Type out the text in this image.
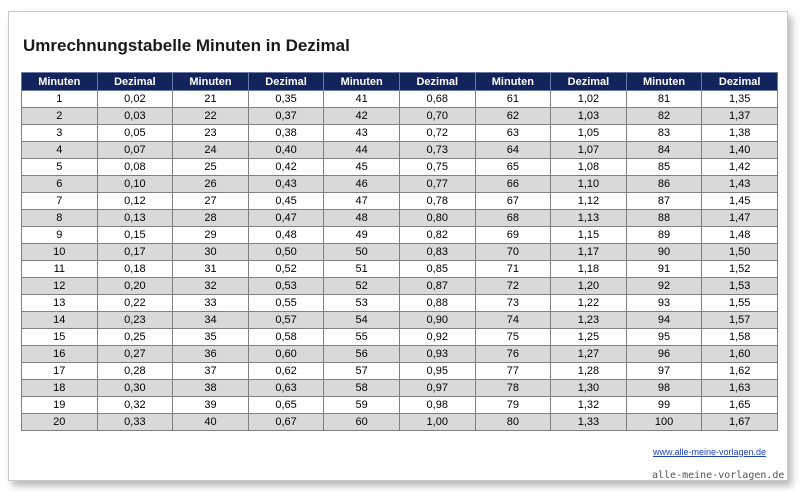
Umrechnungstabelle Minuten in Dezimal
Minuten	Dezimal	Minuten	Dezimal	Minuten	Dezimal	Minuten	Dezimal	Minuten	Dezimal
1	0,02	21	0,35	41	0,68	61	1,02	81	1,35
2	0,03	22	0,37	42	0,70	62	1,03	82	1,37
3	0,05	23	0,38	43	0,72	63	1,05	83	1,38
4	0,07	24	0,40	44	0,73	64	1,07	84	1,40
5	0,08	25	0,42	45	0,75	65	1,08	85	1,42
6	0,10	26	0,43	46	0,77	66	1,10	86	1,43
7	0,12	27	0,45	47	0,78	67	1,12	87	1,45
8	0,13	28	0,47	48	0,80	68	1,13	88	1,47
9	0,15	29	0,48	49	0,82	69	1,15	89	1,48
10	0,17	30	0,50	50	0,83	70	1,17	90	1,50
11	0,18	31	0,52	51	0,85	71	1,18	91	1,52
12	0,20	32	0,53	52	0,87	72	1,20	92	1,53
13	0,22	33	0,55	53	0,88	73	1,22	93	1,55
14	0,23	34	0,57	54	0,90	74	1,23	94	1,57
15	0,25	35	0,58	55	0,92	75	1,25	95	1,58
16	0,27	36	0,60	56	0,93	76	1,27	96	1,60
17	0,28	37	0,62	57	0,95	77	1,28	97	1,62
18	0,30	38	0,63	58	0,97	78	1,30	98	1,63
19	0,32	39	0,65	59	0,98	79	1,32	99	1,65
20	0,33	40	0,67	60	1,00	80	1,33	100	1,67
www.alle-meine-vorlagen.de
alle-meine-vorlagen.de
